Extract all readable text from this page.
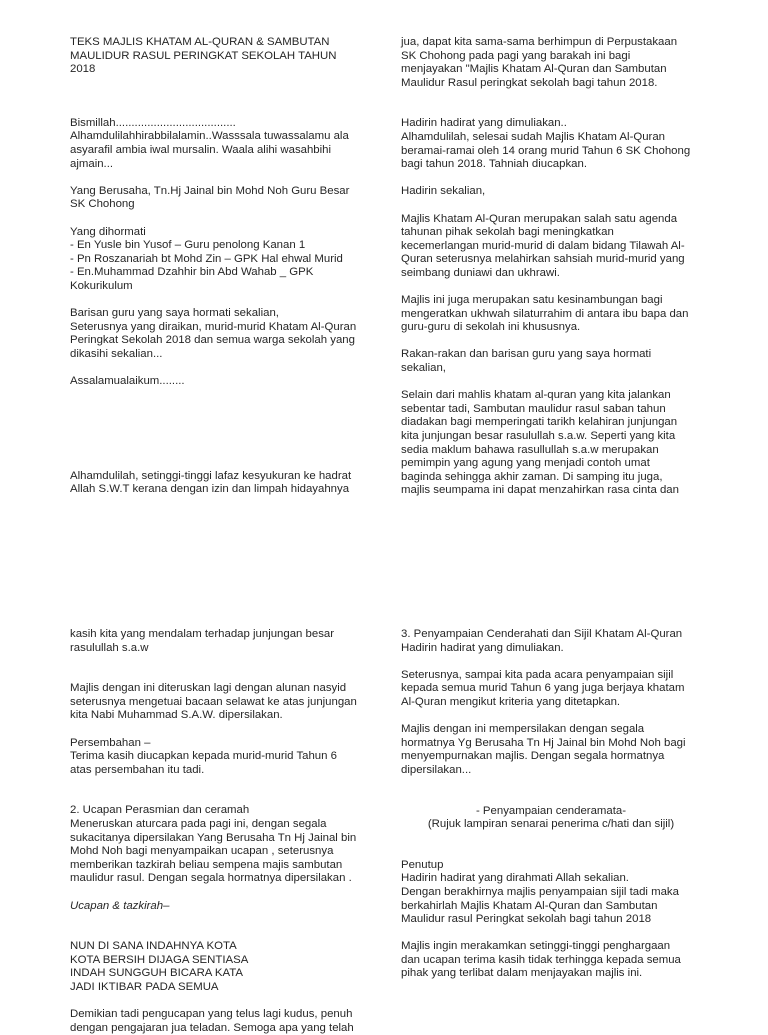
TEKS MAJLIS KHATAM AL-QURAN & SAMBUTAN
MAULIDUR RASUL PERINGKAT SEKOLAH TAHUN
2018

Bismillah......................................
Alhamdulilahhirabbilalamin..Wasssala tuwassalamu ala
asyarafil ambia iwal mursalin. Waala alihi wasahbihi
ajmain...

Yang Berusaha, Tn.Hj Jainal bin Mohd Noh Guru Besar
SK Chohong

Yang dihormati
- En Yusle bin Yusof – Guru penolong Kanan 1
- Pn Roszanariah bt Mohd Zin – GPK Hal ehwal Murid
- En.Muhammad Dzahhir bin Abd Wahab _ GPK
Kokurikulum

Barisan guru yang saya hormati sekalian,
Seterusnya yang diraikan, murid-murid Khatam Al-Quran
Peringkat Sekolah 2018 dan semua warga sekolah yang
dikasihi sekalian...

Assalamualaikum........

Alhamdulilah, setinggi-tinggi lafaz kesyukuran ke hadrat
Allah S.W.T kerana dengan izin dan limpah hidayahnya

jua, dapat kita sama-sama berhimpun di Perpustakaan
SK Chohong pada pagi yang barakah ini bagi
menjayakan "Majlis Khatam Al-Quran dan Sambutan
Maulidur Rasul peringkat sekolah bagi tahun 2018.

Hadirin hadirat yang dimuliakan..
Alhamdulilah, selesai sudah Majlis Khatam Al-Quran
beramai-ramai oleh 14 orang murid Tahun 6 SK Chohong
bagi tahun 2018. Tahniah diucapkan.

Hadirin sekalian,

Majlis Khatam Al-Quran merupakan salah satu agenda
tahunan pihak sekolah bagi meningkatkan
kecemerlangan murid-murid di dalam bidang Tilawah Al-
Quran seterusnya melahirkan sahsiah murid-murid yang
seimbang duniawi dan ukhrawi.

Majlis ini juga merupakan satu kesinambungan bagi
mengeratkan ukhwah silaturrahim di antara ibu bapa dan
guru-guru di sekolah ini khususnya.

Rakan-rakan dan barisan guru yang saya hormati
sekalian,

Selain dari mahlis khatam al-quran yang kita jalankan
sebentar tadi, Sambutan maulidur rasul saban tahun
diadakan bagi memperingati tarikh kelahiran junjungan
kita junjungan besar rasulullah s.a.w. Seperti yang kita
sedia maklum bahawa rasullullah s.a.w merupakan
pemimpin yang agung yang menjadi contoh umat
baginda sehingga akhir zaman. Di samping itu juga,
majlis seumpama ini dapat menzahirkan rasa cinta dan

kasih kita yang mendalam terhadap junjungan besar
rasulullah s.a.w

Majlis dengan ini diteruskan lagi dengan alunan nasyid
seterusnya mengetuai bacaan selawat ke atas junjungan
kita Nabi Muhammad S.A.W. dipersilakan.

Persembahan –
Terima kasih diucapkan kepada murid-murid Tahun 6
atas persembahan itu tadi.

2. Ucapan Perasmian dan ceramah
Meneruskan aturcara pada pagi ini, dengan segala
sukacitanya dipersilakan Yang Berusaha Tn Hj Jainal bin
Mohd Noh bagi menyampaikan ucapan , seterusnya
memberikan tazkirah beliau sempena majis sambutan
maulidur rasul. Dengan segala hormatnya dipersilakan .

Ucapan & tazkirah–

NUN DI SANA INDAHNYA KOTA
KOTA BERSIH DIJAGA SENTIASA
INDAH SUNGGUH BICARA KATA
JADI IKTIBAR PADA SEMUA

Demikian tadi pengucapan yang telus lagi kudus, penuh
dengan pengajaran jua teladan. Semoga apa yang telah

3. Penyampaian Cenderahati dan Sijil Khatam Al-Quran
Hadirin hadirat yang dimuliakan.

Seterusnya, sampai kita pada acara penyampaian sijil
kepada semua murid Tahun 6 yang juga berjaya khatam
Al-Quran mengikut kriteria yang ditetapkan.

Majlis dengan ini mempersilakan dengan segala
hormatnya Yg Berusaha Tn Hj Jainal bin Mohd Noh bagi
menyempurnakan majlis. Dengan segala hormatnya
dipersilakan...

- Penyampaian cenderamata-
(Rujuk lampiran senarai penerima c/hati dan sijil)

Penutup
Hadirin hadirat yang dirahmati Allah sekalian.
Dengan berakhirnya majlis penyampaian sijil tadi maka
berkahirlah Majlis Khatam Al-Quran dan Sambutan
Maulidur rasul Peringkat sekolah bagi tahun 2018

Majlis ingin merakamkan setinggi-tinggi penghargaan
dan ucapan terima kasih tidak terhingga kepada semua
pihak yang terlibat dalam menjayakan majlis ini.
